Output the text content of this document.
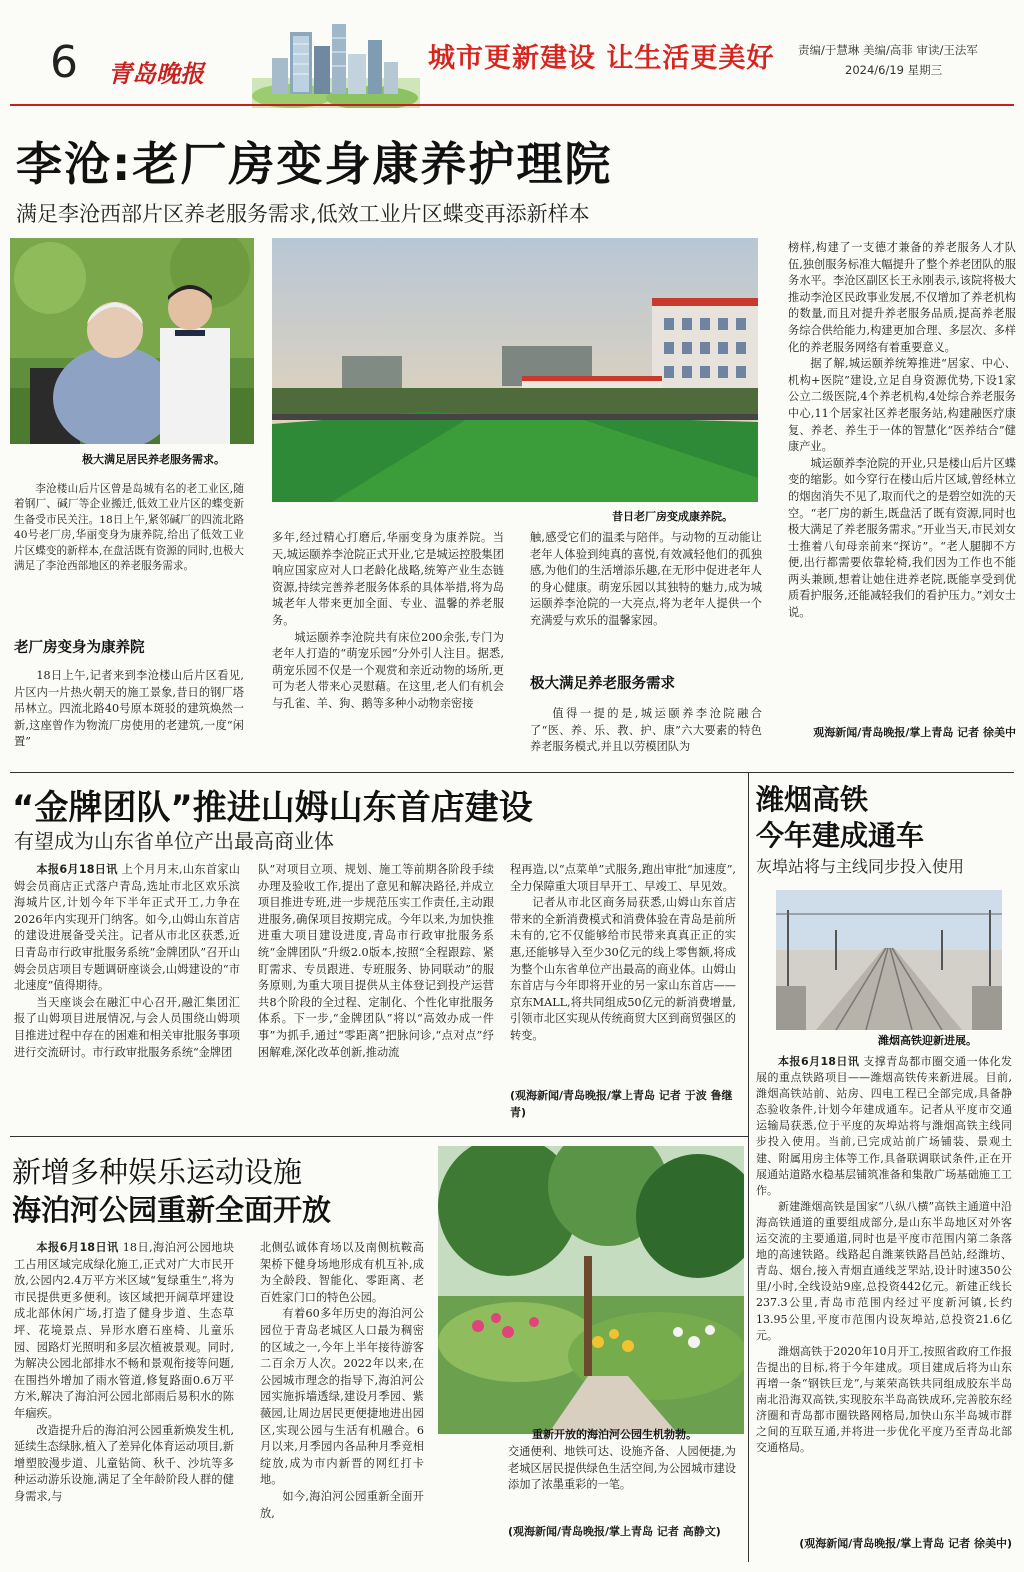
6 青岛晚报	城市更新建设 让生活更美好 责编/于慧琳 美编/高菲 审读/王法军
2024/6/19 星期三
李沧:老厂房变身康养护理院
满足李沧西部片区养老服务需求,低效工业片区蝶变再添新样本
极大满足居民养老服务需求。
昔日老厂房变成康养院。

李沧楼山后片区曾是岛城有名的老工业区,随着钢厂、碱厂等企业搬迁,低效工业片区的蝶变新生备受市民关注。18日上午,紧邻碱厂的四流北路40号老厂房,华丽变身为康养院,给出了低效工业片区蝶变的新样本,在盘活既有资源的同时,也极大满足了李沧西部地区的养老服务需求。

老厂房变身为康养院

18日上午,记者来到李沧楼山后片区看见,片区内一片热火朝天的施工景象,昔日的钢厂塔吊林立。四流北路40号原本斑驳的建筑焕然一新,这座曾作为物流厂房使用的老建筑,一度“闲置”

多年,经过精心打磨后,华丽变身为康养院。当天,城运颐养李沧院正式开业,它是城运控股集团响应国家应对人口老龄化战略,统筹产业生态链资源,持续完善养老服务体系的具体举措,将为岛城老年人带来更加全面、专业、温馨的养老服务。

城运颐养李沧院共有床位200余张,专门为老年人打造的“萌宠乐园”分外引人注目。据悉,萌宠乐园不仅是一个观赏和亲近动物的场所,更可为老人带来心灵慰藉。在这里,老人们有机会与孔雀、羊、狗、鹅等多种小动物亲密接

触,感受它们的温柔与陪伴。与动物的互动能让老年人体验到纯真的喜悦,有效减轻他们的孤独感,为他们的生活增添乐趣,在无形中促进老年人的身心健康。萌宠乐园以其独特的魅力,成为城运颐养李沧院的一大亮点,将为老年人提供一个充满爱与欢乐的温馨家园。

极大满足养老服务需求

值得一提的是,城运颐养李沧院融合了“医、养、乐、教、护、康”六大要素的特色养老服务模式,并且以劳模团队为

榜样,构建了一支德才兼备的养老服务人才队伍,独创服务标准大幅提升了整个养老团队的服务水平。李沧区副区长王永刚表示,该院将极大推动李沧区民政事业发展,不仅增加了养老机构的数量,而且对提升养老服务品质,提高养老服务综合供给能力,构建更加合理、多层次、多样化的养老服务网络有着重要意义。

据了解,城运颐养统筹推进“居家、中心、机构+医院”建设,立足自身资源优势,下设1家公立二级医院,4个养老机构,4处综合养老服务中心,11个居家社区养老服务站,构建融医疗康复、养老、养生于一体的智慧化“医养结合”健康产业。

城运颐养李沧院的开业,只是楼山后片区蝶变的缩影。如今穿行在楼山后片区域,曾经林立的烟囱消失不见了,取而代之的是碧空如洗的天空。“老厂房的新生,既盘活了既有资源,同时也极大满足了养老服务需求。”开业当天,市民刘女士推着八旬母亲前来“探访”。“老人腿脚不方便,出行都需要依靠轮椅,我们因为工作也不能两头兼顾,想着让她住进养老院,既能享受到优质看护服务,还能减轻我们的看护压力。”刘女士说。

观海新闻/青岛晚报/掌上青岛 记者 徐美中
“金牌团队”推进山姆山东首店建设
有望成为山东省单位产出最高商业体

本报6月18日讯 上个月月末,山东首家山姆会员商店正式落户青岛,选址市北区欢乐滨海城片区,计划今年下半年正式开工,力争在2026年内实现开门纳客。如今,山姆山东首店的建设进展备受关注。记者从市北区获悉,近日青岛市行政审批服务系统“金牌团队”召开山姆会员店项目专题调研座谈会,山姆建设的“市北速度”值得期待。

当天座谈会在融汇中心召开,融汇集团汇报了山姆项目进展情况,与会人员围绕山姆项目推进过程中存在的困难和相关审批服务事项进行交流研讨。市行政审批服务系统“金牌团

队”对项目立项、规划、施工等前期各阶段手续办理及验收工作,提出了意见和解决路径,并成立项目推进专班,进一步规范压实工作责任,主动跟进服务,确保项目按期完成。今年以来,为加快推进重大项目建设进度,青岛市行政审批服务系统“金牌团队”升级2.0版本,按照“全程跟踪、紧盯需求、专员跟进、专班服务、协同联动”的服务原则,为重大项目提供从主体登记到投产运营共8个阶段的全过程、定制化、个性化审批服务体系。下一步,“金牌团队”将以“高效办成一件事”为抓手,通过“零距离”把脉问诊,“点对点”纾困解难,深化改革创新,推动流

程再造,以“点菜单”式服务,跑出审批“加速度”,全力保障重大项目早开工、早竣工、早见效。

记者从市北区商务局获悉,山姆山东首店带来的全新消费模式和消费体验在青岛是前所未有的,它不仅能够给市民带来真真正正的实惠,还能够导入至少30亿元的线上零售额,将成为整个山东省单位产出最高的商业体。山姆山东首店与今年即将开业的另一家山东首店——京东MALL,将共同组成50亿元的新消费增量,引领市北区实现从传统商贸大区到商贸强区的转变。

(观海新闻/青岛晚报/掌上青岛 记者 于波 鲁继青)
潍烟高铁
今年建成通车
灰埠站将与主线同步投入使用
潍烟高铁迎新进展。

本报6月18日讯 支撑青岛都市圈交通一体化发展的重点铁路项目——潍烟高铁传来新进展。目前,潍烟高铁站前、站房、四电工程已全部完成,具备静态验收条件,计划今年建成通车。记者从平度市交通运输局获悉,位于平度的灰埠站将与潍烟高铁主线同步投入使用。当前,已完成站前广场铺装、景观土建、附属用房主体等工作,具备联调联试条件,正在开展通站道路水稳基层铺筑准备和集散广场基础施工工作。

新建潍烟高铁是国家“八纵八横”高铁主通道中沿海高铁通道的重要组成部分,是山东半岛地区对外客运交流的主要通道,同时也是平度市范围内第二条落地的高速铁路。线路起自潍莱铁路昌邑站,经潍坊、青岛、烟台,接入青烟直通线芝罘站,设计时速350公里/小时,全线设站9座,总投资442亿元。新建正线长237.3公里,青岛市范围内经过平度新河镇,长约13.95公里,平度市范围内设灰埠站,总投资21.6亿元。

潍烟高铁于2020年10月开工,按照省政府工作报告提出的目标,将于今年建成。项目建成后将为山东再增一条“钢铁巨龙”,与莱荣高铁共同组成胶东半岛南北沿海双高铁,实现胶东半岛高铁成环,完善胶东经济圈和青岛都市圈铁路网格局,加快山东半岛城市群之间的互联互通,并将进一步优化平度乃至青岛北部交通格局。

(观海新闻/青岛晚报/掌上青岛 记者 徐美中)
新增多种娱乐运动设施
海泊河公园重新全面开放
重新开放的海泊河公园生机勃勃。

本报6月18日讯 18日,海泊河公园地块工占用区域完成绿化施工,正式对广大市民开放,公园内2.4万平方米区域“复绿重生”,将为市民提供更多便利。该区域把开阔草坪建设成北部休闲广场,打造了健身步道、生态草坪、花境景点、异形水磨石座椅、儿童乐园、园路灯光照明和多层次植被景观。同时,为解决公园北部排水不畅和景观衔接等问题,在围挡外增加了雨水管道,修复路面0.6万平方米,解决了海泊河公园北部雨后易积水的陈年痼疾。

改造提升后的海泊河公园重新焕发生机,延续生态绿脉,植入了差异化体育运动项目,新增塑胶漫步道、儿童钻筒、秋千、沙坑等多种运动游乐设施,满足了全年龄阶段人群的健身需求,与

北侧弘诚体育场以及南侧杭鞍高架桥下健身场地形成有机互补,成为全龄段、智能化、零距离、老百姓家门口的特色公园。

有着60多年历史的海泊河公园位于青岛老城区人口最为稠密的区域之一,今年上半年接待游客二百余万人次。2022年以来,在公园城市理念的指导下,海泊河公园实施拆墙透绿,建设月季园、紫薇园,让周边居民更便捷地进出园区,实现公园与生活有机融合。6月以来,月季园内各品种月季竞相绽放,成为市内新晋的网红打卡地。

如今,海泊河公园重新全面开放,

交通便利、地铁可达、设施齐备、人园便捷,为老城区居民提供绿色生活空间,为公园城市建设添加了浓墨重彩的一笔。

(观海新闻/青岛晚报/掌上青岛 记者 高静文)
